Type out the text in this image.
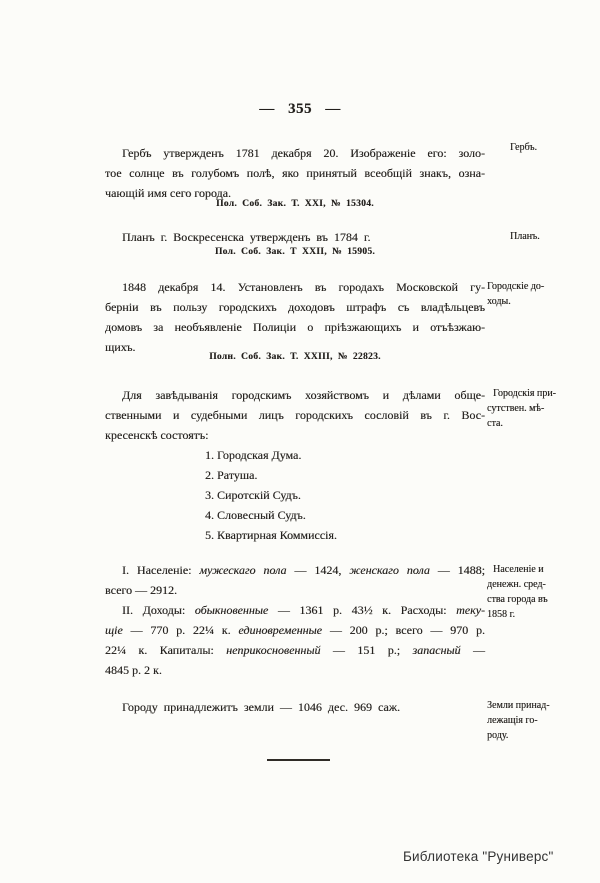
— 355 —
Гербъ утвержденъ 1781 декабря 20. Изображеніе его: золо-
тое солнце въ голубомъ полѣ, яко принятый всеобщій знакъ, озна-
чающій имя сего города.
Гербъ.
Пол. Соб. Зак. Т. XXI, № 15304.
Планъ г. Воскресенска утвержденъ въ 1784 г.	Планъ.
Пол. Соб. Зак. Т XXII, № 15905.
1848 декабря 14. Установленъ въ городахъ Московской гу-
берніи въ пользу городскихъ доходовъ штрафъ съ владѣльцевъ
домовъ за необъявленіе Полиціи о пріѣзжающихъ и отъѣзжаю-
щихъ.
Городскіе до-
ходы.
Полн. Соб. Зак. Т. XXIII, № 22823.
Для завѣдыванія городскимъ хозяйствомъ и дѣлами обще-
ственными и судебными лицъ городскихъ сословій въ г. Вос-
кресенскѣ состоятъ:
Городскія при-
сутствен. мѣ-
ста.
1. Городская Дума.
2. Ратуша.
3. Сиротскій Судъ.
4. Словесный Судъ.
5. Квартирная Коммиссія.
I. Населеніе: мужескаго пола — 1424, женскаго пола — 1488;
всего — 2912.
II. Доходы: обыкновенные — 1361 р. 43½ к. Расходы: теку-
щіе — 770 р. 22¼ к. единовременные — 200 р.; всего — 970 р.
22¼ к. Капиталы: неприкосновенный — 151 р.; запасный —
4845 р. 2 к.
Населеніе и
денежн. сред-
ства города въ
1858 г.
Городу принадлежитъ земли — 1046 дес. 969 саж.	Земли принад-
лежащія го-
роду.
Библиотека "Руниверс"
